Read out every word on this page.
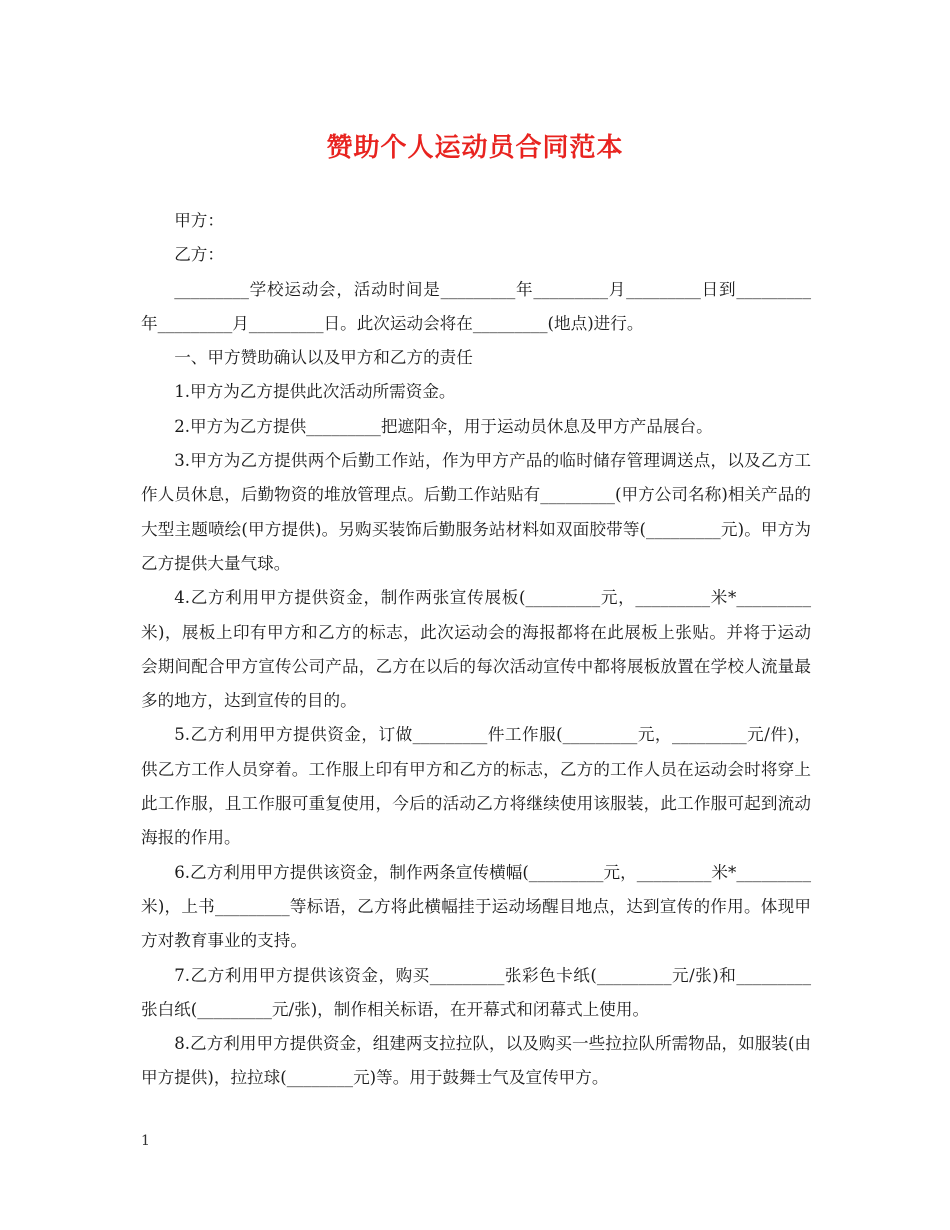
赞助个人运动员合同范本

甲方：

乙方：

_________学校运动会，活动时间是_________年_________月_________日到_________年_________月_________日。此次运动会将在_________(地点)进行。

一、甲方赞助确认以及甲方和乙方的责任

1.甲方为乙方提供此次活动所需资金。

2.甲方为乙方提供_________把遮阳伞，用于运动员休息及甲方产品展台。

3.甲方为乙方提供两个后勤工作站，作为甲方产品的临时储存管理调送点，以及乙方工作人员休息，后勤物资的堆放管理点。后勤工作站贴有_________(甲方公司名称)相关产品的大型主题喷绘(甲方提供)。另购买装饰后勤服务站材料如双面胶带等(_________元)。甲方为乙方提供大量气球。

4.乙方利用甲方提供资金，制作两张宣传展板(_________元，_________米*_________米)，展板上印有甲方和乙方的标志，此次运动会的海报都将在此展板上张贴。并将于运动会期间配合甲方宣传公司产品，乙方在以后的每次活动宣传中都将展板放置在学校人流量最多的地方，达到宣传的目的。

5.乙方利用甲方提供资金，订做_________件工作服(_________元，_________元/件)，供乙方工作人员穿着。工作服上印有甲方和乙方的标志，乙方的工作人员在运动会时将穿上此工作服，且工作服可重复使用，今后的活动乙方将继续使用该服装，此工作服可起到流动海报的作用。

6.乙方利用甲方提供该资金，制作两条宣传横幅(_________元，_________米*_________米)，上书_________等标语，乙方将此横幅挂于运动场醒目地点，达到宣传的作用。体现甲方对教育事业的支持。

7.乙方利用甲方提供该资金，购买_________张彩色卡纸(_________元/张)和_________张白纸(_________元/张)，制作相关标语，在开幕式和闭幕式上使用。

8.乙方利用甲方提供资金，组建两支拉拉队，以及购买一些拉拉队所需物品，如服装(由甲方提供)，拉拉球(________元)等。用于鼓舞士气及宣传甲方。

1
